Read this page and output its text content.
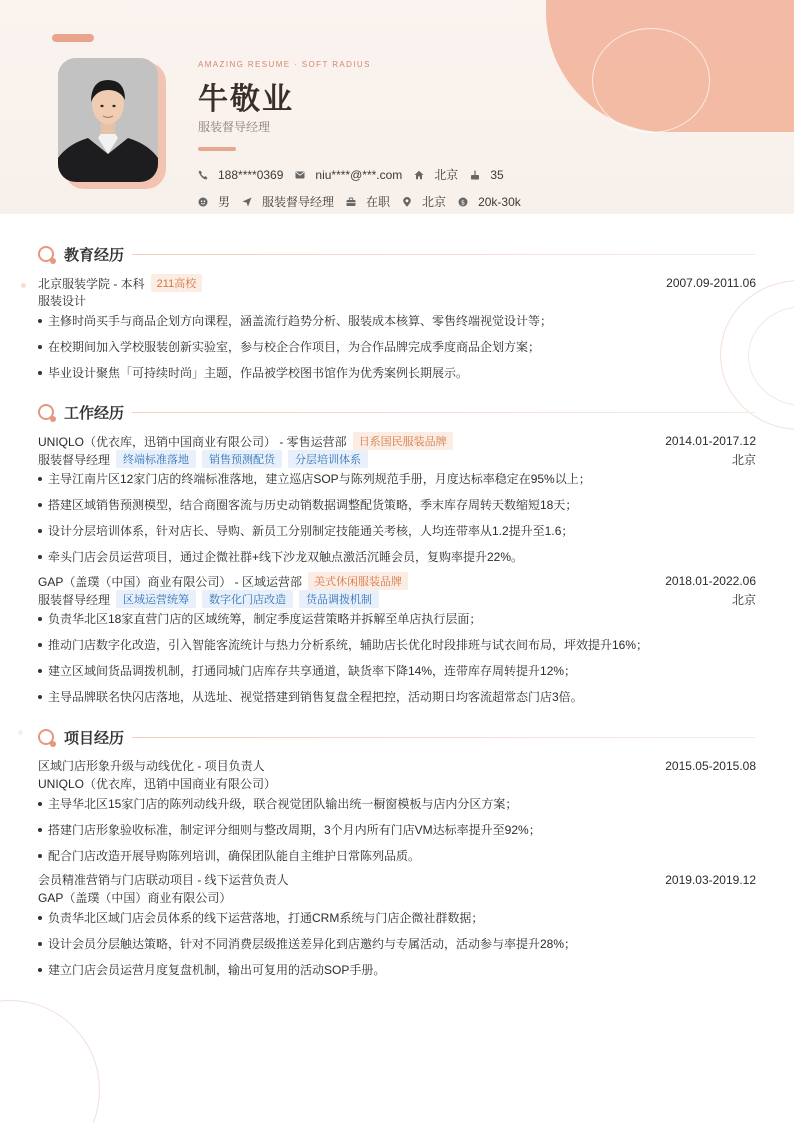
AMAZING RESUME · SOFT RADIUS
牛敬业
服装督导经理
188****0369	niu****@***.com	北京	35
男	服装督导经理	在职	北京 $ 20k-30k
教育经历
北京服装学院 - 本科	211高校	2007.09-2011.06
服装设计
主修时尚买手与商品企划方向课程，涵盖流行趋势分析、服装成本核算、零售终端视觉设计等；
在校期间加入学校服装创新实验室，参与校企合作项目，为合作品牌完成季度商品企划方案；
毕业设计聚焦「可持续时尚」主题，作品被学校图书馆作为优秀案例长期展示。
工作经历
UNIQLO（优衣库，迅销中国商业有限公司） - 零售运营部	日系国民服装品牌	2014.01-2017.12
服装督导经理	终端标准落地	销售预测配货	分层培训体系	北京
主导江南片区12家门店的终端标准落地，建立巡店SOP与陈列规范手册，月度达标率稳定在95%以上；
搭建区域销售预测模型，结合商圈客流与历史动销数据调整配货策略，季末库存周转天数缩短18天；
设计分层培训体系，针对店长、导购、新员工分别制定技能通关考核，人均连带率从1.2提升至1.6；
牵头门店会员运营项目，通过企微社群+线下沙龙双触点激活沉睡会员，复购率提升22%。
GAP（盖璞（中国）商业有限公司） - 区域运营部	美式休闲服装品牌	2018.01-2022.06
服装督导经理	区域运营统筹	数字化门店改造	货品调拨机制	北京
负责华北区18家直营门店的区域统筹，制定季度运营策略并拆解至单店执行层面；
推动门店数字化改造，引入智能客流统计与热力分析系统，辅助店长优化时段排班与试衣间布局，坪效提升16%；
建立区域间货品调拨机制，打通同城门店库存共享通道，缺货率下降14%，连带库存周转提升12%；
主导品牌联名快闪店落地，从选址、视觉搭建到销售复盘全程把控，活动期日均客流超常态门店3倍。
项目经历
区域门店形象升级与动线优化 - 项目负责人	2015.05-2015.08
UNIQLO（优衣库，迅销中国商业有限公司）
主导华北区15家门店的陈列动线升级，联合视觉团队输出统一橱窗模板与店内分区方案；
搭建门店形象验收标准，制定评分细则与整改周期，3个月内所有门店VM达标率提升至92%；
配合门店改造开展导购陈列培训，确保团队能自主维护日常陈列品质。
会员精准营销与门店联动项目 - 线下运营负责人	2019.03-2019.12
GAP（盖璞（中国）商业有限公司）
负责华北区域门店会员体系的线下运营落地，打通CRM系统与门店企微社群数据；
设计会员分层触达策略，针对不同消费层级推送差异化到店邀约与专属活动，活动参与率提升28%；
建立门店会员运营月度复盘机制，输出可复用的活动SOP手册。
